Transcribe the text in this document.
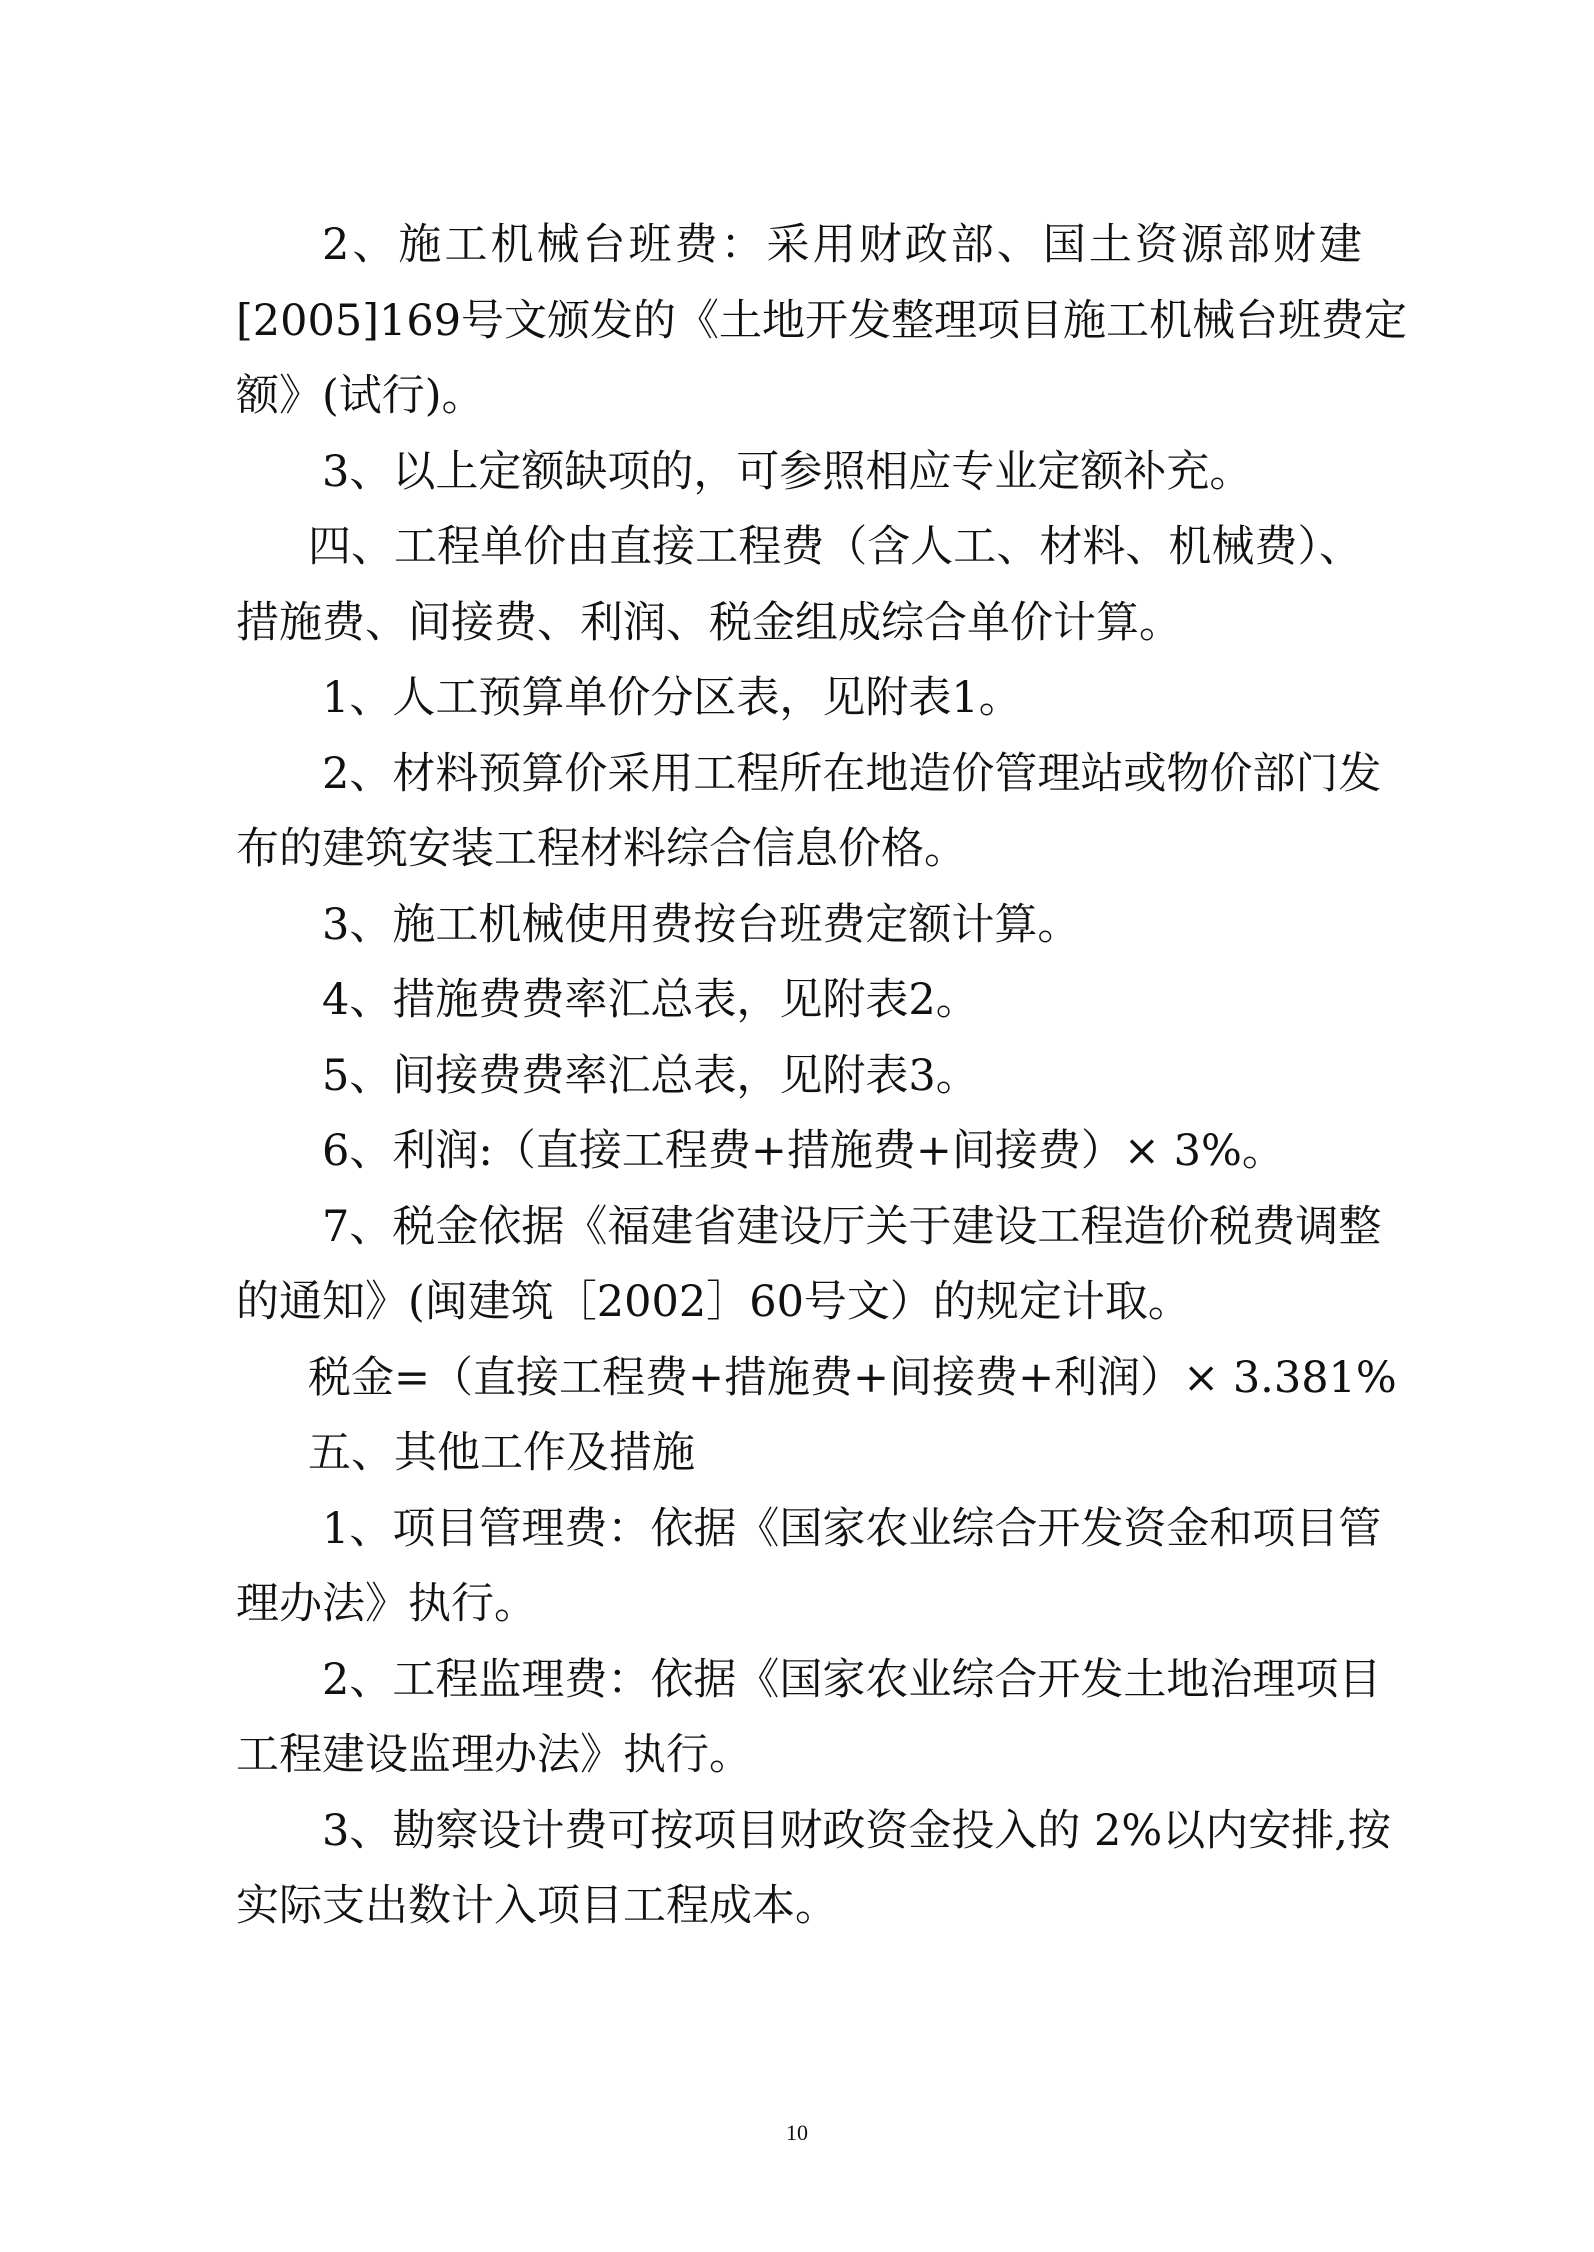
2、施工机械台班费：采用财政部、国土资源部财建
[2005]169号文颁发的《土地开发整理项目施工机械台班费定
额》(试行)。
3、以上定额缺项的，可参照相应专业定额补充。
四、工程单价由直接工程费（含人工、材料、机械费）、
措施费、间接费、利润、税金组成综合单价计算。
1、人工预算单价分区表，见附表1。
2、材料预算价采用工程所在地造价管理站或物价部门发
布的建筑安装工程材料综合信息价格。
3、施工机械使用费按台班费定额计算。
4、措施费费率汇总表，见附表2。
5、间接费费率汇总表，见附表3。
6、利润:（直接工程费+措施费+间接费）× 3%。
7、税金依据《福建省建设厅关于建设工程造价税费调整
的通知》(闽建筑［2002］60号文）的规定计取。
税金=（直接工程费+措施费+间接费+利润）× 3.381%
五、其他工作及措施
1、项目管理费：依据《国家农业综合开发资金和项目管
理办法》执行。
2、工程监理费：依据《国家农业综合开发土地治理项目
工程建设监理办法》执行。
3、勘察设计费可按项目财政资金投入的 2%以内安排,按
实际支出数计入项目工程成本。
10
